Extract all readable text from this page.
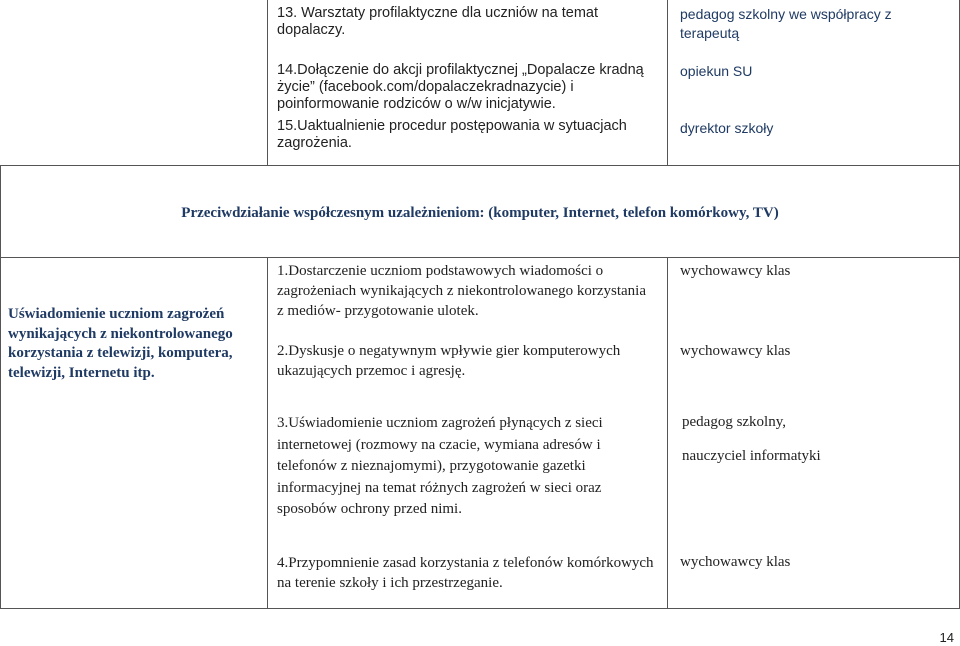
13. Warsztaty profilaktyczne dla uczniów na temat dopalaczy.

14.Dołączenie do akcji profilaktycznej „Dopalacze kradną życie” (facebook.com/dopalaczekradnazycie) i poinformowanie rodziców o w/w inicjatywie.

15.Uaktualnienie procedur postępowania w sytuacjach zagrożenia.

pedagog szkolny we współpracy z terapeutą

opiekun SU

dyrektor szkoły

Przeciwdziałanie współczesnym uzależnieniom: (komputer, Internet, telefon komórkowy, TV)

Uświadomienie uczniom zagrożeń wynikających z niekontrolowanego korzystania z telewizji, komputera, telewizji, Internetu itp.

1.Dostarczenie uczniom podstawowych wiadomości o zagrożeniach wynikających z niekontrolowanego korzystania z mediów- przygotowanie ulotek.

wychowawcy klas

2.Dyskusje o negatywnym wpływie gier komputerowych ukazujących przemoc i agresję.

wychowawcy klas

3.Uświadomienie uczniom zagrożeń płynących z sieci internetowej (rozmowy na czacie, wymiana adresów i telefonów z nieznajomymi), przygotowanie gazetki informacyjnej na temat różnych zagrożeń w sieci oraz sposobów ochrony przed nimi.

pedagog szkolny,

nauczyciel informatyki

4.Przypomnienie zasad korzystania z telefonów komórkowych na terenie szkoły i ich przestrzeganie.

wychowawcy klas

14
